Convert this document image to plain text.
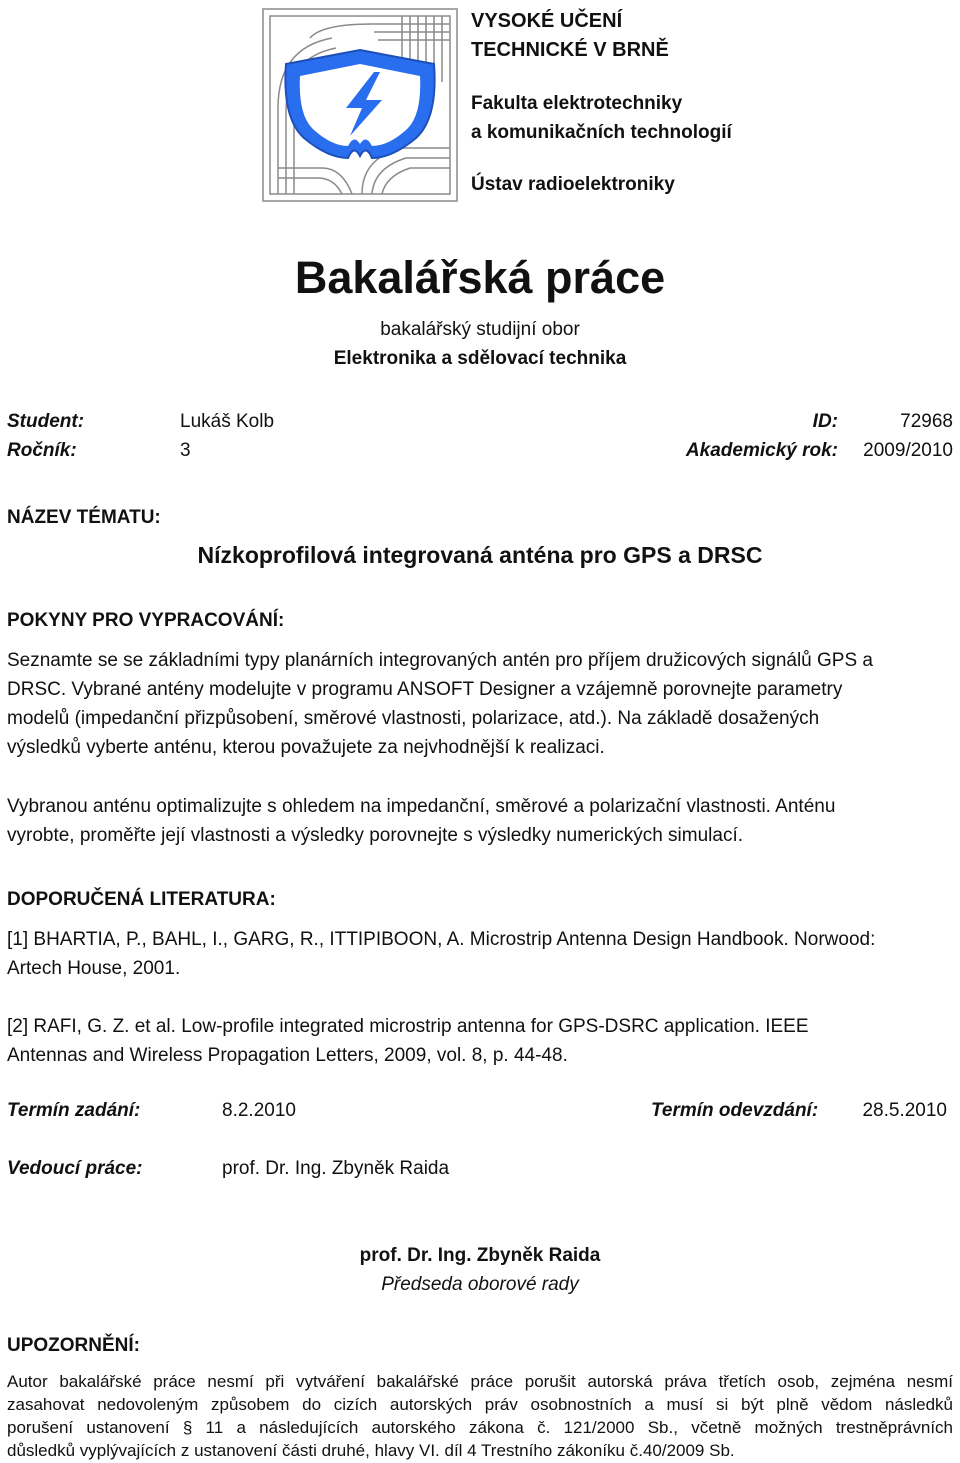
VYSOKÉ UČENÍ
TECHNICKÉ V BRNĚ
Fakulta elektrotechniky
a komunikačních technologií
Ústav radioelektroniky
Bakalářská práce
bakalářský studijní obor
Elektronika a sdělovací technika
Student:	Lukáš Kolb	ID:	72968
Ročník:	3	Akademický rok: 2009/2010
NÁZEV TÉMATU:
Nízkoprofilová integrovaná anténa pro GPS a DRSC
POKYNY PRO VYPRACOVÁNÍ:

Seznamte se se základními typy planárních integrovaných antén pro příjem družicových signálů GPS a

DRSC. Vybrané antény modelujte v programu ANSOFT Designer a vzájemně porovnejte parametry

modelů (impedanční přizpůsobení, směrové vlastnosti, polarizace, atd.). Na základě dosažených

výsledků vyberte anténu, kterou považujete za nejvhodnější k realizaci.

Vybranou anténu optimalizujte s ohledem na impedanční, směrové a polarizační vlastnosti. Anténu

vyrobte, proměřte její vlastnosti a výsledky porovnejte s výsledky numerických simulací.

DOPORUČENÁ LITERATURA:

[1] BHARTIA, P., BAHL, I., GARG, R., ITTIPIBOON, A. Microstrip Antenna Design Handbook. Norwood:

Artech House, 2001.

[2] RAFI, G. Z. et al. Low-profile integrated microstrip antenna for GPS-DSRC application. IEEE

Antennas and Wireless Propagation Letters, 2009, vol. 8, p. 44-48.

Termín zadání:	8.2.2010	Termín odevzdání: 28.5.2010
Vedoucí práce:	prof. Dr. Ing. Zbyněk Raida
prof. Dr. Ing. Zbyněk Raida
Předseda oborové rady
UPOZORNĚNÍ:
Autor bakalářské práce nesmí při vytváření bakalářské práce porušit autorská práva třetích osob, zejména nesmí
zasahovat nedovoleným způsobem do cizích autorských práv osobnostních a musí si být plně vědom následků
porušení ustanovení § 11 a následujících autorského zákona č. 121/2000 Sb., včetně možných trestněprávních
důsledků vyplývajících z ustanovení části druhé, hlavy VI. díl 4 Trestního zákoníku č.40/2009 Sb.
